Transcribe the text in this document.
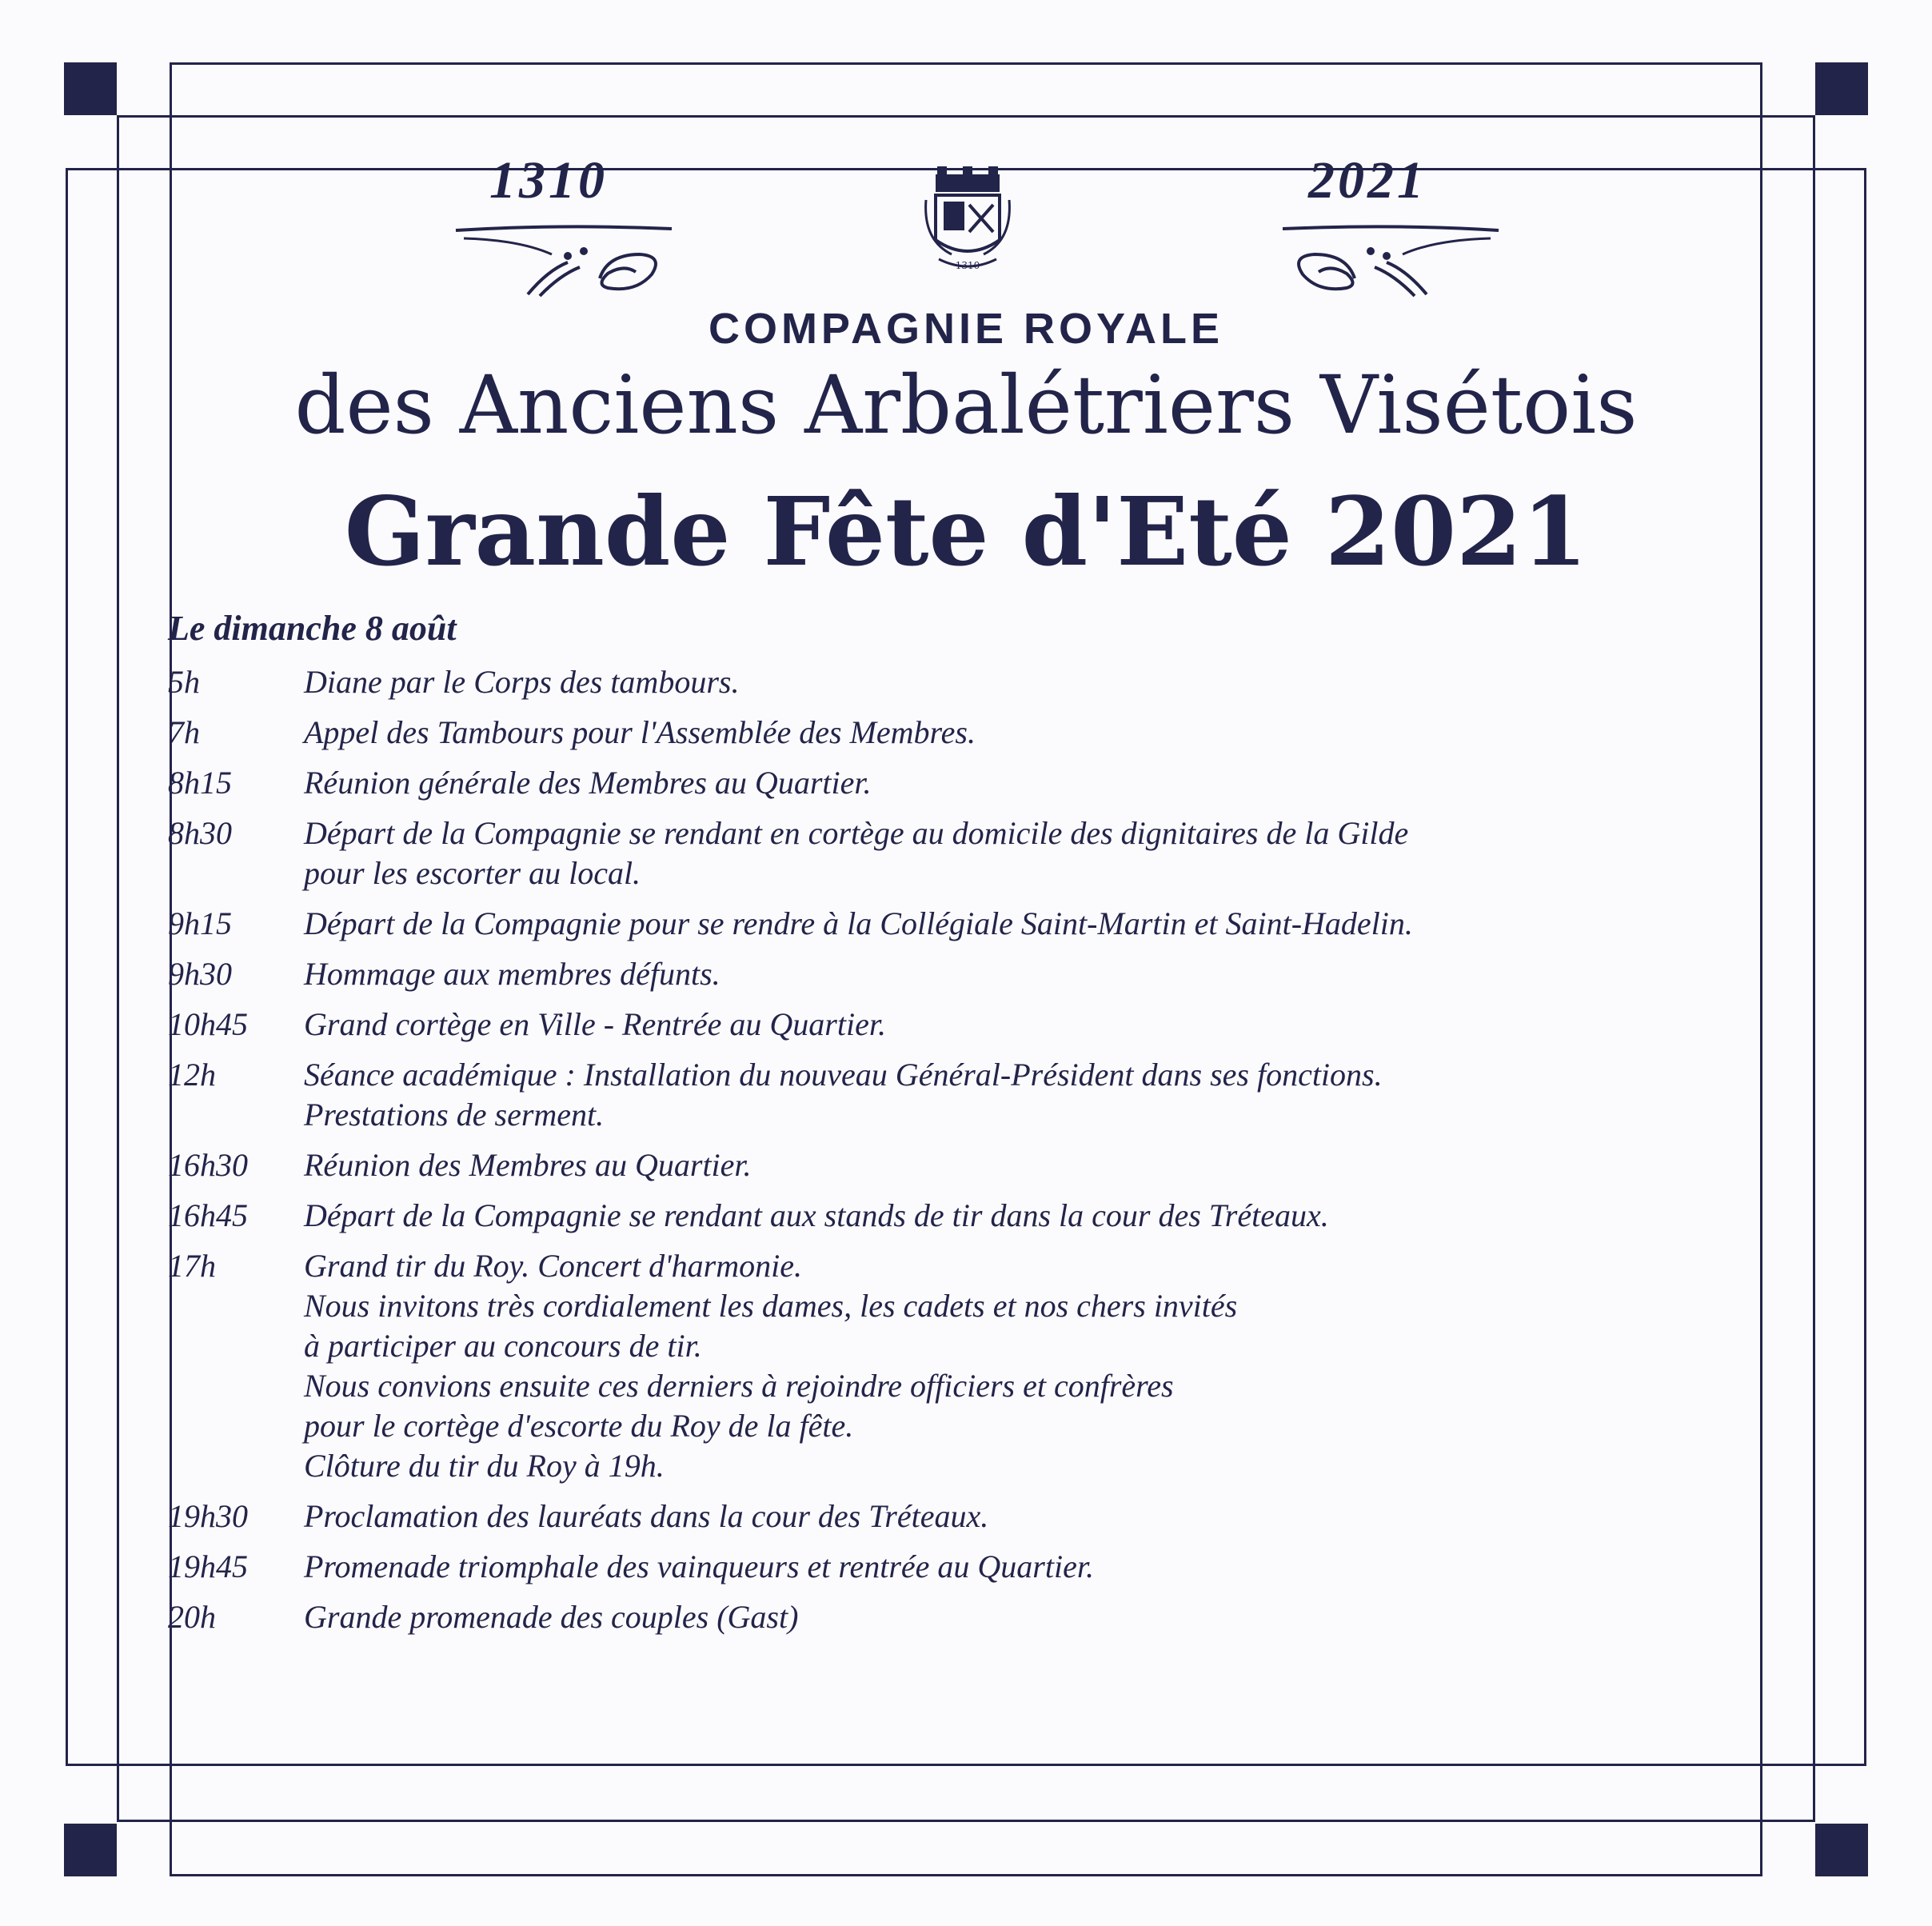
1310	2021
1310
COMPAGNIE ROYALE
des Anciens Arbalétriers Visétois
Grande Fête d'Eté 2021
Le dimanche 8 août
5h	Diane par le Corps des tambours.
7h	Appel des Tambours pour l'Assemblée des Membres.
8h15	Réunion générale des Membres au Quartier.
8h30	Départ de la Compagnie se rendant en cortège au domicile des dignitaires de la Gilde
pour les escorter au local.
9h15	Départ de la Compagnie pour se rendre à la Collégiale Saint-Martin et Saint-Hadelin.
9h30	Hommage aux membres défunts.
10h45	Grand cortège en Ville - Rentrée au Quartier.
12h	Séance académique : Installation du nouveau Général-Président dans ses fonctions.
Prestations de serment.
16h30	Réunion des Membres au Quartier.
16h45	Départ de la Compagnie se rendant aux stands de tir dans la cour des Tréteaux.
17h	Grand tir du Roy. Concert d'harmonie.
Nous invitons très cordialement les dames, les cadets et nos chers invités
à participer au concours de tir.
Nous convions ensuite ces derniers à rejoindre officiers et confrères
pour le cortège d'escorte du Roy de la fête.
Clôture du tir du Roy à 19h.
19h30	Proclamation des lauréats dans la cour des Tréteaux.
19h45	Promenade triomphale des vainqueurs et rentrée au Quartier.
20h	Grande promenade des couples (Gast)
